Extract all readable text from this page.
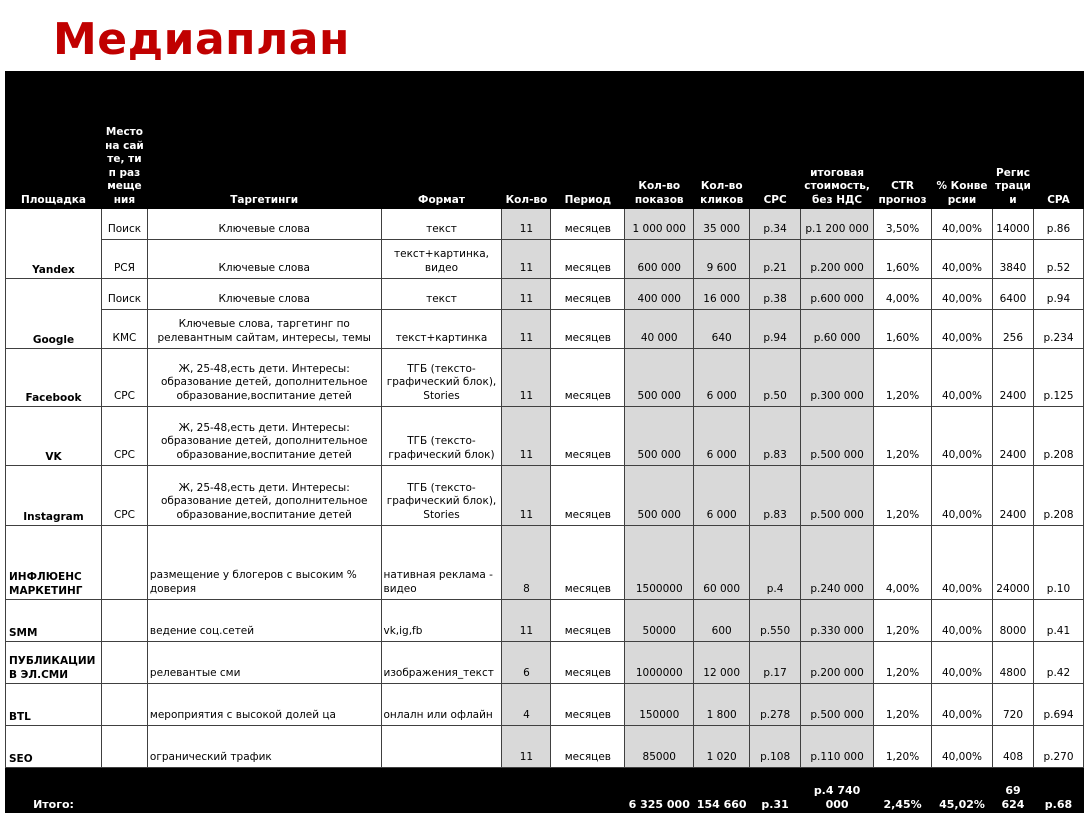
Медиаплан
Площадка	Место на сайте, тип размещения	Таргетинги	Формат	Кол-во	Период	Кол-во показов	Кол-во кликов	CPC	итоговая стоимость, без НДС	CTR прогноз	% Конверсии	Регистрации	CPA
Yandex	Поиск	Ключевые слова	текст	11	месяцев	1 000 000	35 000	р.34	р.1 200 000	3,50%	40,00%	14000	р.86
	РСЯ	Ключевые слова	текст+картинка, видео	11	месяцев	600 000	9 600	р.21	р.200 000	1,60%	40,00%	3840	р.52
Google	Поиск	Ключевые слова	текст	11	месяцев	400 000	16 000	р.38	р.600 000	4,00%	40,00%	6400	р.94
	КМС	Ключевые слова, таргетинг по релевантным сайтам, интересы, темы	текст+картинка	11	месяцев	40 000	640	р.94	р.60 000	1,60%	40,00%	256	р.234
Facebook	CPC	Ж, 25-48,есть дети. Интересы: образование детей, дополнительное образование,воспитание детей	ТГБ (тексто-графический блок), Stories	11	месяцев	500 000	6 000	р.50	р.300 000	1,20%	40,00%	2400	р.125
VK	CPC	Ж, 25-48,есть дети. Интересы: образование детей, дополнительное образование,воспитание детей	ТГБ (тексто-графический блок)	11	месяцев	500 000	6 000	р.83	р.500 000	1,20%	40,00%	2400	р.208
Instagram	CPC	Ж, 25-48,есть дети. Интересы: образование детей, дополнительное образование,воспитание детей	ТГБ (тексто-графический блок), Stories	11	месяцев	500 000	6 000	р.83	р.500 000	1,20%	40,00%	2400	р.208
ИНФЛЮЕНС МАРКЕТИНГ		размещение у блогеров с высоким % доверия	нативная реклама - видео	8	месяцев	1500000	60 000	р.4	р.240 000	4,00%	40,00%	24000	р.10
SMM		ведение соц.сетей	vk,ig,fb	11	месяцев	50000	600	р.550	р.330 000	1,20%	40,00%	8000	р.41
ПУБЛИКАЦИИ В ЭЛ.СМИ		релевантые сми	изображения_текст	6	месяцев	1000000	12 000	р.17	р.200 000	1,20%	40,00%	4800	р.42
BTL		мероприятия с высокой долей ца	онлалн или офлайн	4	месяцев	150000	1 800	р.278	р.500 000	1,20%	40,00%	720	р.694
SEO		огранический трафик		11	месяцев	85000	1 020	р.108	р.110 000	1,20%	40,00%	408	р.270
Итого:						6 325 000	154 660	р.31	р.4 740 000	2,45%	45,02%	69 624	р.68
